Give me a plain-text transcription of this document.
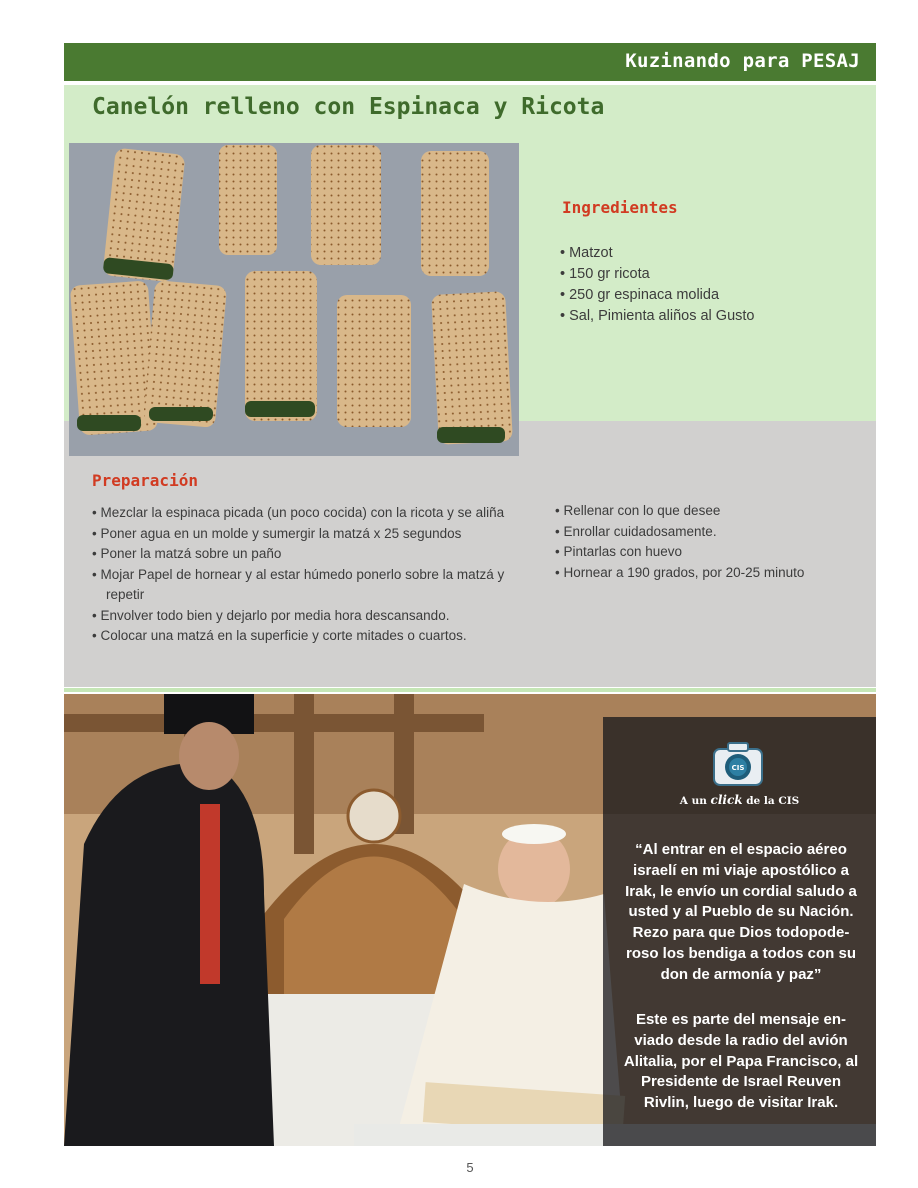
Kuzinando para PESAJ
Canelón relleno con Espinaca y Ricota
Ingredientes
• Matzot
• 150 gr ricota
• 250 gr espinaca molida
• Sal, Pimienta aliños al Gusto
Preparación
• Mezclar la espinaca picada (un poco cocida) con la ricota y se aliña
• Poner agua en un molde y sumergir la matzá x 25 segundos
• Poner la matzá sobre un paño
• Mojar Papel de hornear y al estar húmedo ponerlo sobre la matzá y repetir
• Envolver todo bien y dejarlo por media hora descansando.
• Colocar una matzá en la superficie y corte mitades o cuartos.
• Rellenar con lo que desee
• Enrollar cuidadosamente.
• Pintarlas con huevo
• Hornear a 190 grados, por 20-25 minuto
CIS
A un click de la CIS

“Al entrar en el espacio aéreo israelí en mi viaje apostólico a Irak, le envío un cordial saludo a usted y al Pueblo de su Nación. Rezo para que Dios todopode-roso los bendiga a todos con su don de armonía y paz”

Este es parte del mensaje en-viado desde la radio del avión Alitalia, por el Papa Francisco, al Presidente de Israel Reuven Rivlin, luego de visitar Irak.

5
